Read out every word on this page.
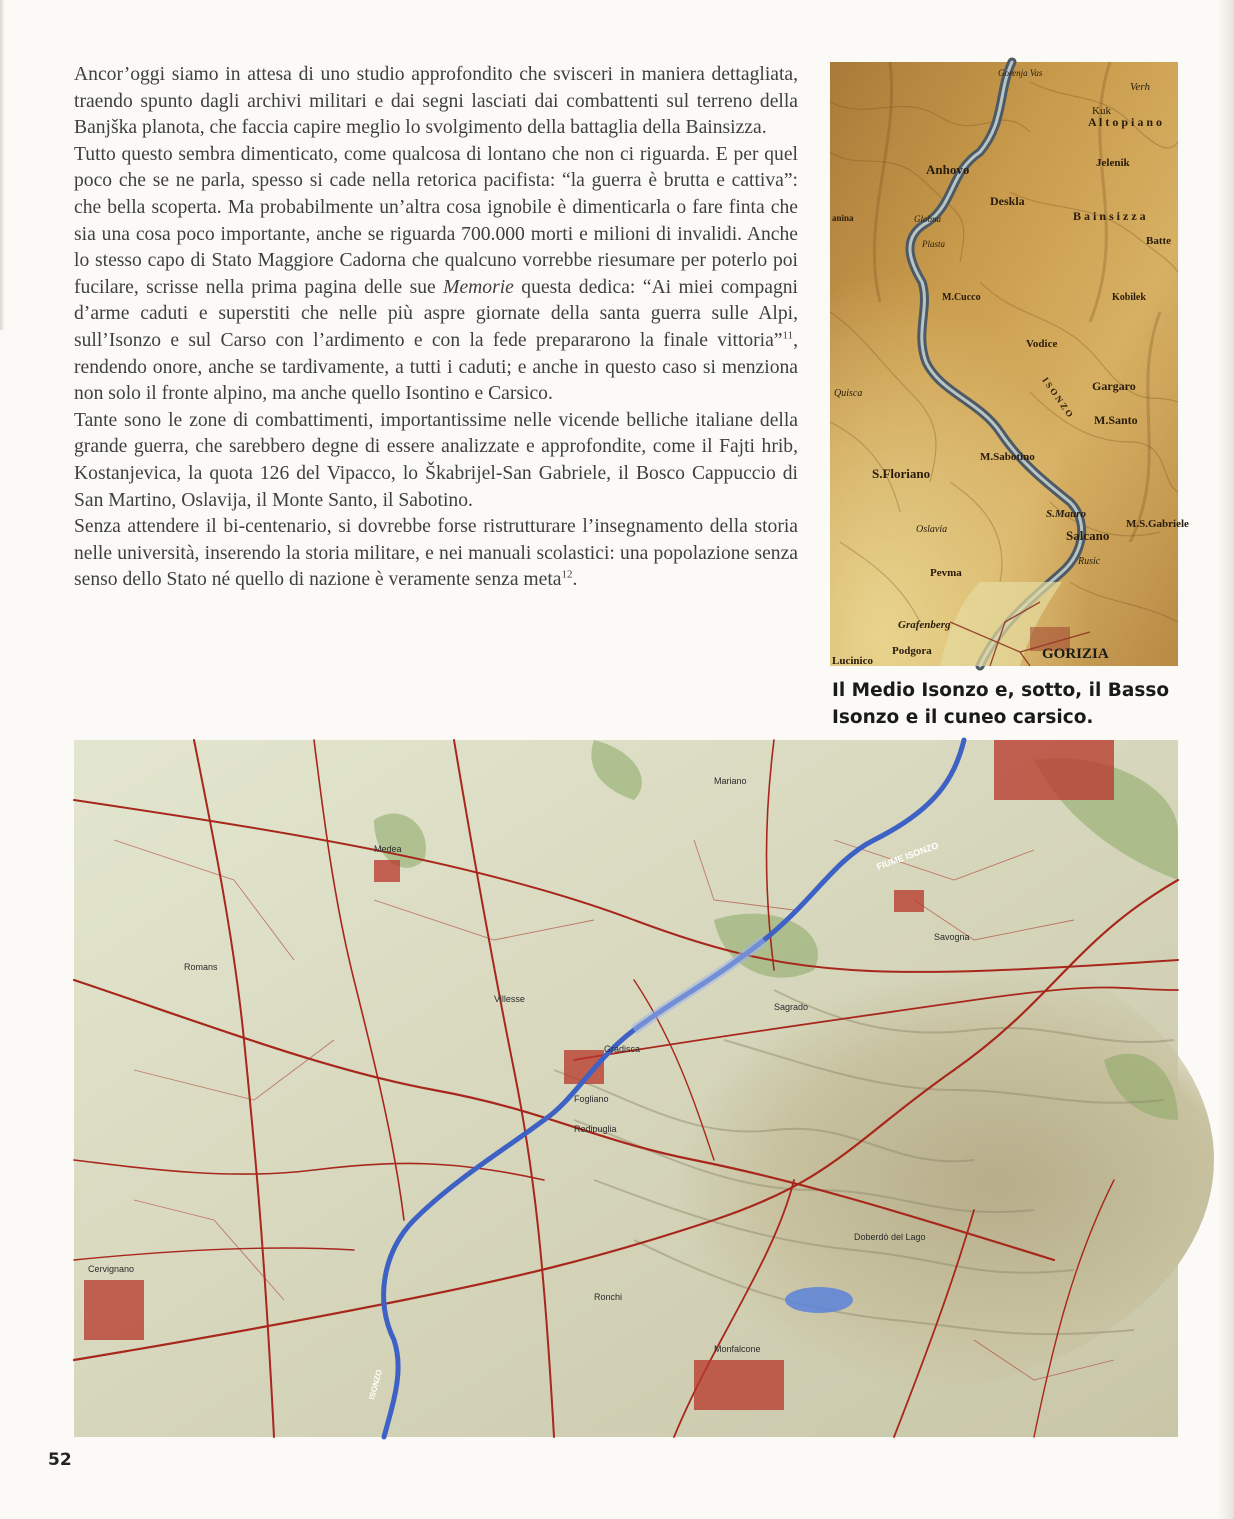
Ancor’oggi siamo in attesa di uno studio approfondito che svisceri in maniera dettagliata, traendo spunto dagli archivi militari e dai segni lasciati dai combattenti sul terreno della Banjška planota, che faccia capire meglio lo svolgimento della battaglia della Bainsizza.

Tutto questo sembra dimenticato, come qualcosa di lontano che non ci riguarda. E per quel poco che se ne parla, spesso si cade nella retorica pacifista: “la guerra è brutta e cattiva”: che bella scoperta. Ma probabilmente un’altra cosa ignobile è dimenticarla o fare finta che sia una cosa poco importante, anche se riguarda 700.000 morti e milioni di invalidi. Anche lo stesso capo di Stato Maggiore Cadorna che qualcuno vorrebbe riesumare per poterlo poi fucilare, scrisse nella prima pagina delle sue Memorie questa dedica: “Ai miei compagni d’arme caduti e superstiti che nelle più aspre giornate della santa guerra sulle Alpi, sull’Isonzo e sul Carso con l’ardimento e con la fede prepararono la finale vittoria”$^{11}$, rendendo onore, anche se tardivamente, a tutti i caduti; e anche in questo caso si menziona non solo il fronte alpino, ma anche quello Isontino e Carsico.

Tante sono le zone di combattimenti, importantissime nelle vicende belliche italiane della grande guerra, che sarebbero degne di essere analizzate e approfondite, come il Fajti hrib, Kostanjevica, la quota 126 del Vipacco, lo Škabrijel-San Gabriele, il Bosco Cappuccio di San Martino, Oslavija, il Monte Santo, il Sabotino.

Senza attendere il bi-centenario, si dovrebbe forse ristrutturare l’insegnamento della storia nelle università, inserendo la storia militare, e nei manuali scolastici: una popolazione senza senso dello Stato né quello di nazione è veramente senza meta$^{12}$.

Gorenja Vas
Verh
Kuk
A l t o p i a n o
Jelenik
Anhovo
Deskla
B a i n s i z z a
anina	Globna
Batte
Plasta
M.Cucco	Kobilek
Vodice
Quisca	I S O N Z O Gargaro
M.Santo
M.Sabotino
S.Floriano
S.Mauro
M.S.Gabriele
Salcano
Oslavia
Rusic
Pevma
Grafenberg
Podgora	GORIZIA
Lucinico
Il Medio Isonzo e, sotto, il Basso Isonzo e il cuneo carsico.
FIUME ISONZO
ISONZO
Gradisca
Medea
Mariano
Sagrado
Villesse
Doberdò del Lago
Monfalcone
Ronchi
Cervignano
Romans
Savogna
Redipuglia
Fogliano
52
